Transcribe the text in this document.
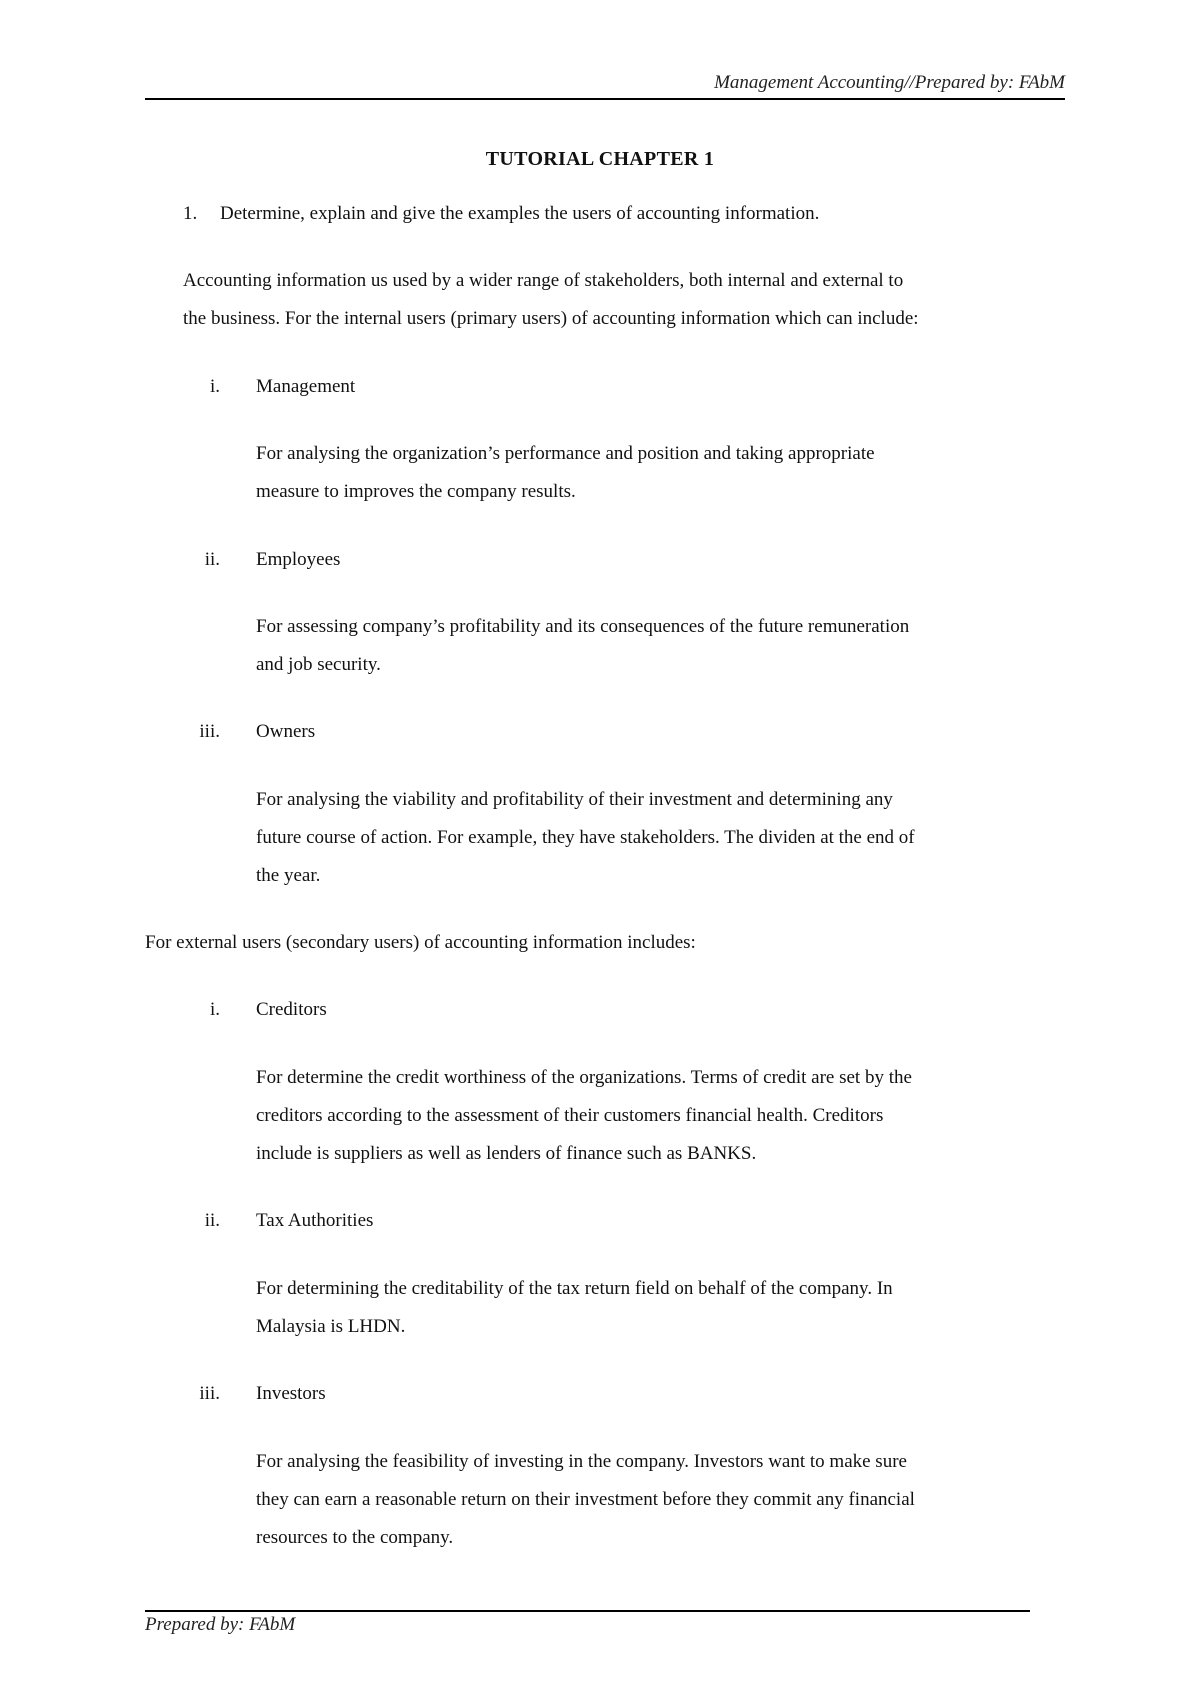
Management Accounting//Prepared by: FAbM
TUTORIAL CHAPTER 1
1. Determine, explain and give the examples the users of accounting information.
Accounting information us used by a wider range of stakeholders, both internal and external to
the business. For the internal users (primary users) of accounting information which can include:
i. Management
For analysing the organization’s performance and position and taking appropriate
measure to improves the company results.
ii. Employees
For assessing company’s profitability and its consequences of the future remuneration
and job security.
iii. Owners
For analysing the viability and profitability of their investment and determining any
future course of action. For example, they have stakeholders. The dividen at the end of
the year.
For external users (secondary users) of accounting information includes:
i. Creditors
For determine the credit worthiness of the organizations. Terms of credit are set by the
creditors according to the assessment of their customers financial health. Creditors
include is suppliers as well as lenders of finance such as BANKS.
ii. Tax Authorities
For determining the creditability of the tax return field on behalf of the company. In
Malaysia is LHDN.
iii. Investors
For analysing the feasibility of investing in the company. Investors want to make sure
they can earn a reasonable return on their investment before they commit any financial
resources to the company.
Prepared by: FAbM
